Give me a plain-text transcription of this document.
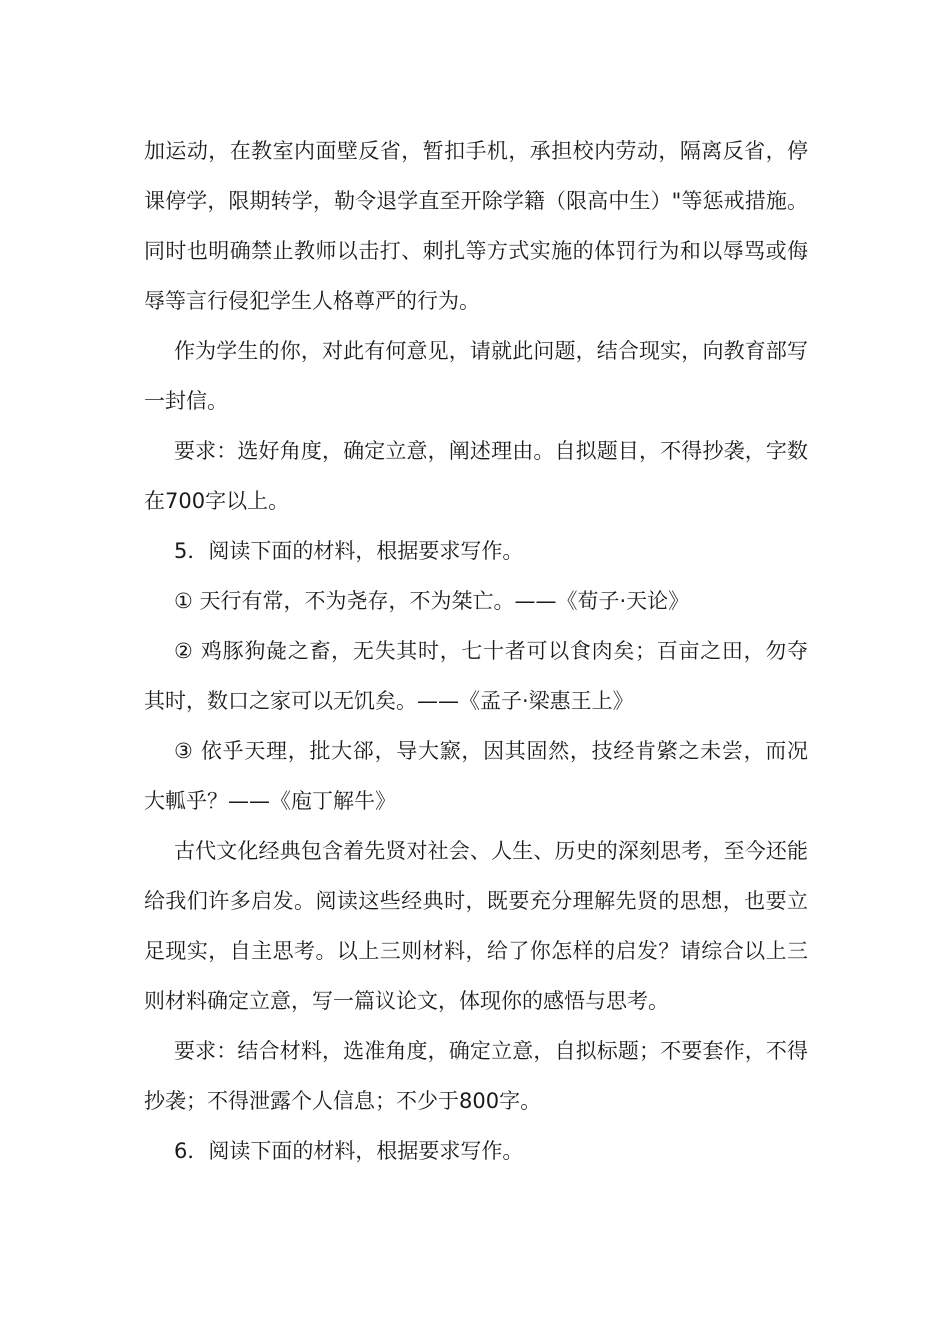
加运动，在教室内面壁反省，暂扣手机，承担校内劳动，隔离反省，停课停学，限期转学，勒令退学直至开除学籍（限高中生）"等惩戒措施。同时也明确禁止教师以击打、刺扎等方式实施的体罚行为和以辱骂或侮辱等言行侵犯学生人格尊严的行为。

作为学生的你，对此有何意见，请就此问题，结合现实，向教育部写一封信。

要求：选好角度，确定立意，阐述理由。自拟题目，不得抄袭，字数在700字以上。

5．阅读下面的材料，根据要求写作。

① 天行有常，不为尧存，不为桀亡。——《荀子·天论》

② 鸡豚狗彘之畜，无失其时，七十者可以食肉矣；百亩之田，勿夺其时，数口之家可以无饥矣。——《孟子·梁惠王上》

③ 依乎天理，批大郤，导大窾，因其固然，技经肯綮之未尝，而况大軱乎？——《庖丁解牛》

古代文化经典包含着先贤对社会、人生、历史的深刻思考，至今还能给我们许多启发。阅读这些经典时，既要充分理解先贤的思想，也要立足现实，自主思考。以上三则材料，给了你怎样的启发？请综合以上三则材料确定立意，写一篇议论文，体现你的感悟与思考。

要求：结合材料，选准角度，确定立意，自拟标题；不要套作，不得抄袭；不得泄露个人信息；不少于800字。

6．阅读下面的材料，根据要求写作。
